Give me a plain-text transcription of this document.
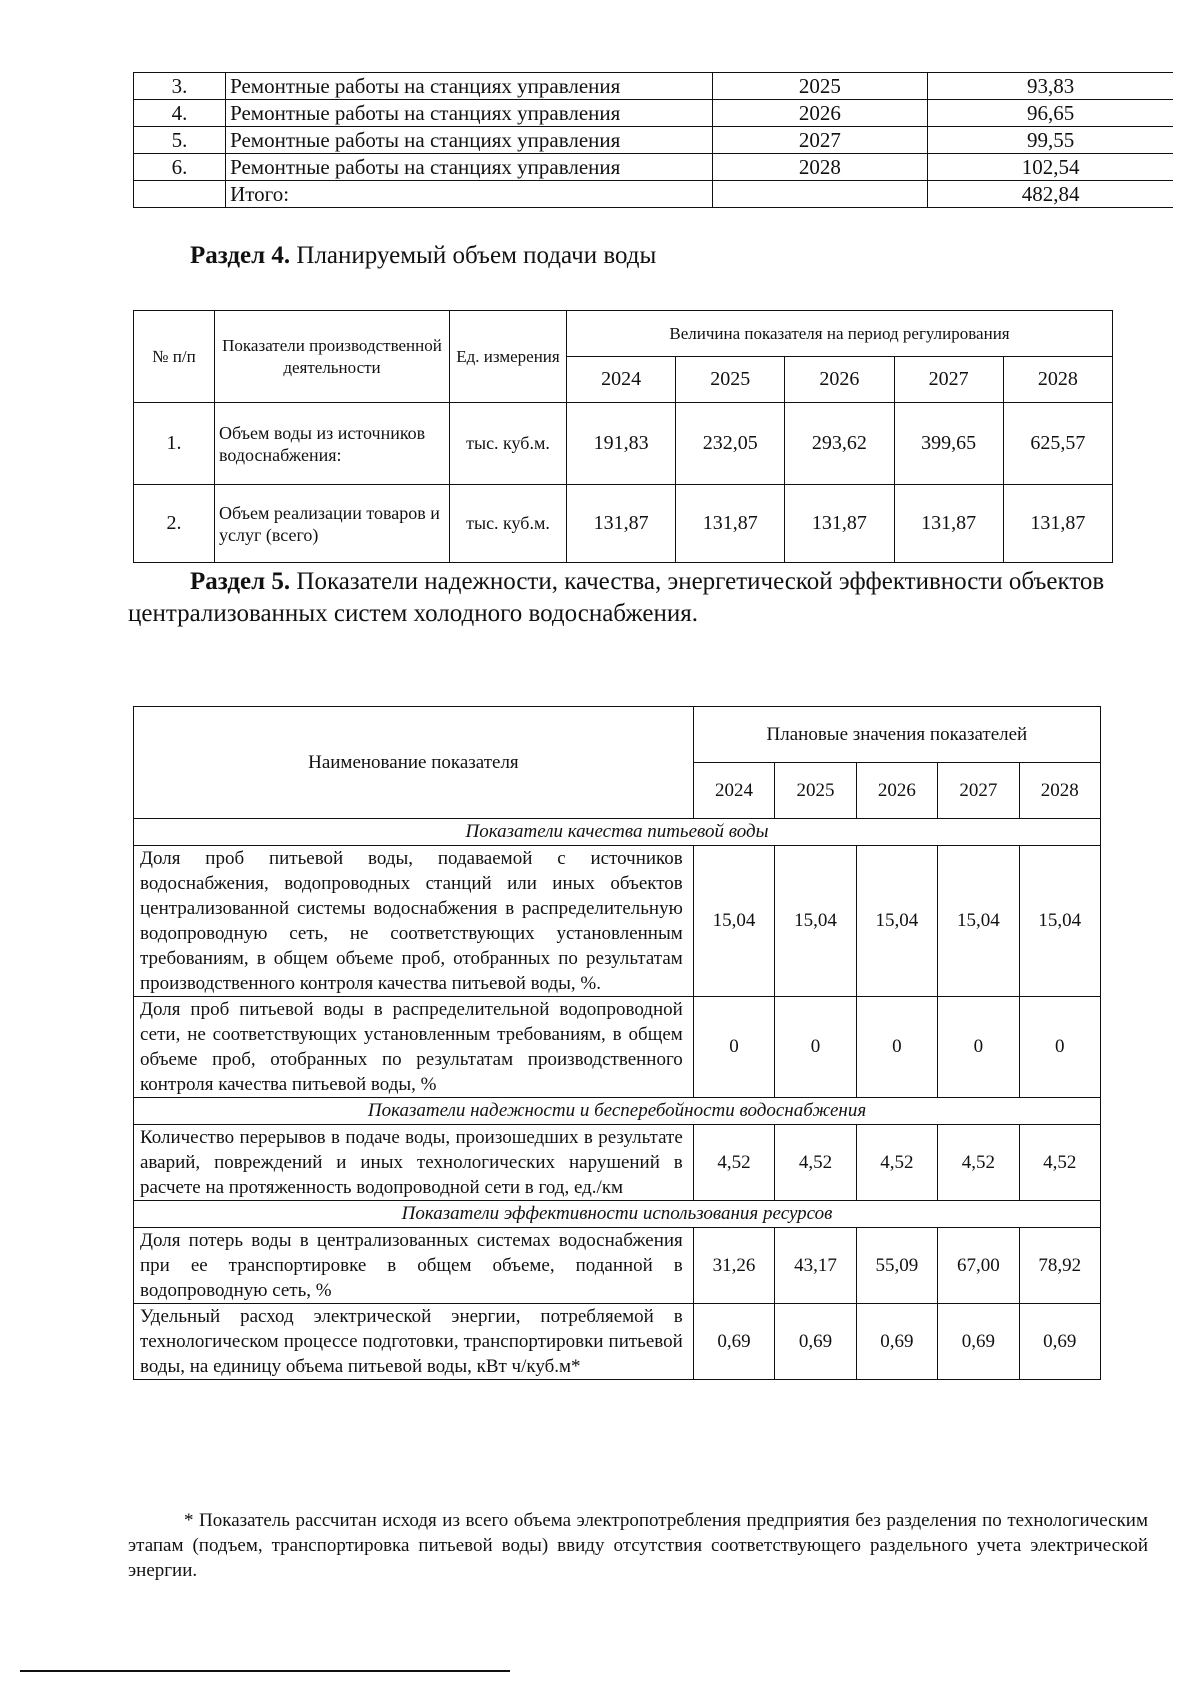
3.	Ремонтные работы на станциях управления	2025	93,83
4.	Ремонтные работы на станциях управления	2026	96,65
5.	Ремонтные работы на станциях управления	2027	99,55
6.	Ремонтные работы на станциях управления	2028	102,54
	Итого:		482,84
Раздел 4. Планируемый объем подачи воды
№ п/п	Показатели производственной деятельности	Ед. измерения	Величина показателя на период регулирования				
			2024	2025	2026	2027	2028
1.	Объем воды из источников водоснабжения:	тыс. куб.м.	191,83	232,05	293,62	399,65	625,57
2.	Объем реализации товаров и услуг (всего)	тыс. куб.м.	131,87	131,87	131,87	131,87	131,87
Раздел 5. Показатели надежности, качества, энергетической эффективности объектов централизованных систем холодного водоснабжения.
Наименование показателя	Плановые значения показателей				
	2024	2025	2026	2027	2028
Показатели качества питьевой воды					
Доля проб питьевой воды, подаваемой с источников водоснабжения, водопроводных станций или иных объектов централизованной системы водоснабжения в распределительную водопроводную сеть, не соответствующих установленным требованиям, в общем объеме проб, отобранных по результатам производственного контроля качества питьевой воды, %.	15,04	15,04	15,04	15,04	15,04
Доля проб питьевой воды в распределительной водопроводной сети, не соответствующих установленным требованиям, в общем объеме проб, отобранных по результатам производственного контроля качества питьевой воды, %	0	0	0	0	0
Показатели надежности и бесперебойности водоснабжения					
Количество перерывов в подаче воды, произошедших в результате аварий, повреждений и иных технологических нарушений в расчете на протяженность водопроводной сети в год, ед./км	4,52	4,52	4,52	4,52	4,52
Показатели эффективности использования ресурсов					
Доля потерь воды в централизованных системах водоснабжения при ее транспортировке в общем объеме, поданной в водопроводную сеть, %	31,26	43,17	55,09	67,00	78,92
Удельный расход электрической энергии, потребляемой в технологическом процессе подготовки, транспортировки питьевой воды, на единицу объема питьевой воды, кВт ч/куб.м*	0,69	0,69	0,69	0,69	0,69
* Показатель рассчитан исходя из всего объема электропотребления предприятия без разделения по технологическим этапам (подъем, транспортировка питьевой воды) ввиду отсутствия соответствующего раздельного учета электрической энергии.
